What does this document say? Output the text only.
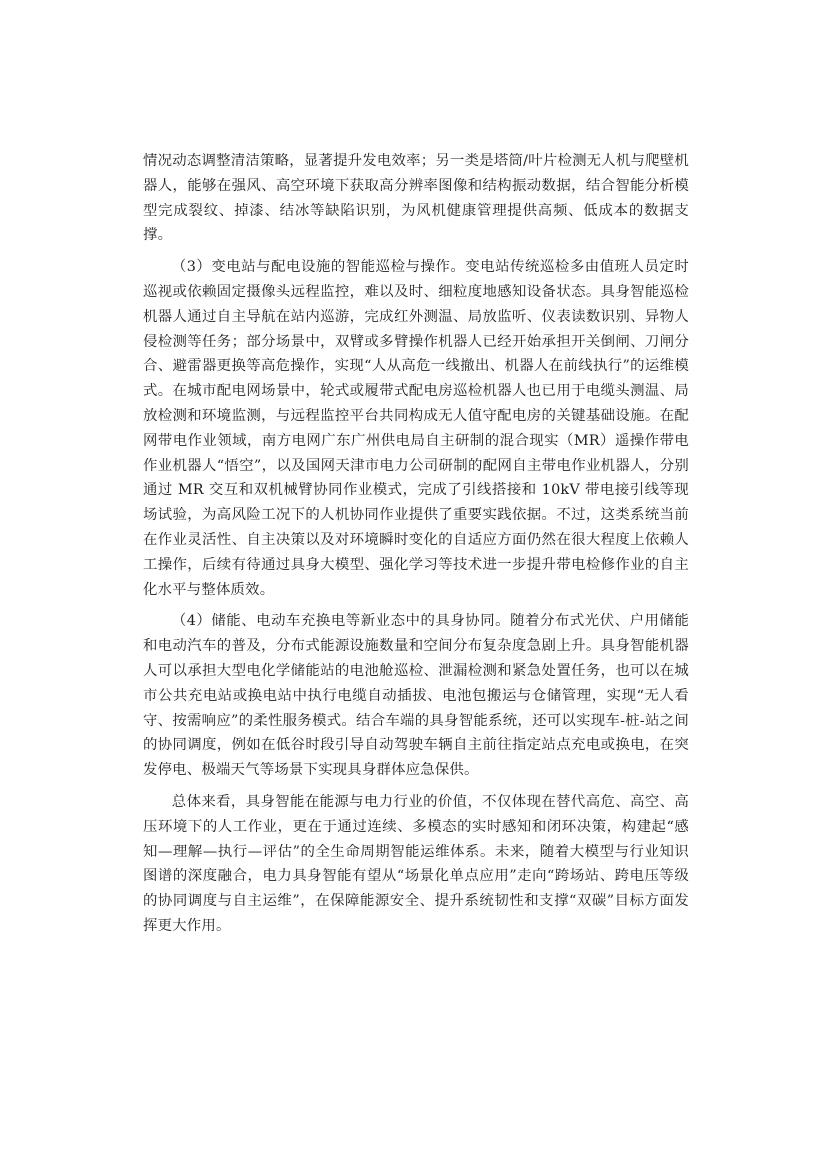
情况动态调整清洁策略，显著提升发电效率；另一类是塔筒/叶片检测无人机与爬壁机器人，能够在强风、高空环境下获取高分辨率图像和结构振动数据，结合智能分析模型完成裂纹、掉漆、结冰等缺陷识别，为风机健康管理提供高频、低成本的数据支撑。

（3）变电站与配电设施的智能巡检与操作。变电站传统巡检多由值班人员定时巡视或依赖固定摄像头远程监控，难以及时、细粒度地感知设备状态。具身智能巡检机器人通过自主导航在站内巡游，完成红外测温、局放监听、仪表读数识别、异物人侵检测等任务；部分场景中，双臂或多臂操作机器人已经开始承担开关倒闸、刀闸分合、避雷器更换等高危操作，实现“人从高危一线撤出、机器人在前线执行”的运维模式。在城市配电网场景中，轮式或履带式配电房巡检机器人也已用于电缆头测温、局放检测和环境监测，与远程监控平台共同构成无人值守配电房的关键基础设施。在配网带电作业领域，南方电网广东广州供电局自主研制的混合现实（MR）遥操作带电作业机器人“悟空”，以及国网天津市电力公司研制的配网自主带电作业机器人，分别通过 MR 交互和双机械臂协同作业模式，完成了引线搭接和 10kV 带电接引线等现场试验，为高风险工况下的人机协同作业提供了重要实践依据。不过，这类系统当前在作业灵活性、自主决策以及对环境瞬时变化的自适应方面仍然在很大程度上依赖人工操作，后续有待通过具身大模型、强化学习等技术进一步提升带电检修作业的自主化水平与整体质效。

（4）储能、电动车充换电等新业态中的具身协同。随着分布式光伏、户用储能和电动汽车的普及，分布式能源设施数量和空间分布复杂度急剧上升。具身智能机器人可以承担大型电化学储能站的电池舱巡检、泄漏检测和紧急处置任务，也可以在城市公共充电站或换电站中执行电缆自动插拔、电池包搬运与仓储管理，实现“无人看守、按需响应”的柔性服务模式。结合车端的具身智能系统，还可以实现车-桩-站之间的协同调度，例如在低谷时段引导自动驾驶车辆自主前往指定站点充电或换电，在突发停电、极端天气等场景下实现具身群体应急保供。

总体来看，具身智能在能源与电力行业的价值，不仅体现在替代高危、高空、高压环境下的人工作业，更在于通过连续、多模态的实时感知和闭环决策，构建起“感知—理解—执行—评估”的全生命周期智能运维体系。未来，随着大模型与行业知识图谱的深度融合，电力具身智能有望从“场景化单点应用”走向“跨场站、跨电压等级的协同调度与自主运维”，在保障能源安全、提升系统韧性和支撑“双碳”目标方面发挥更大作用。
